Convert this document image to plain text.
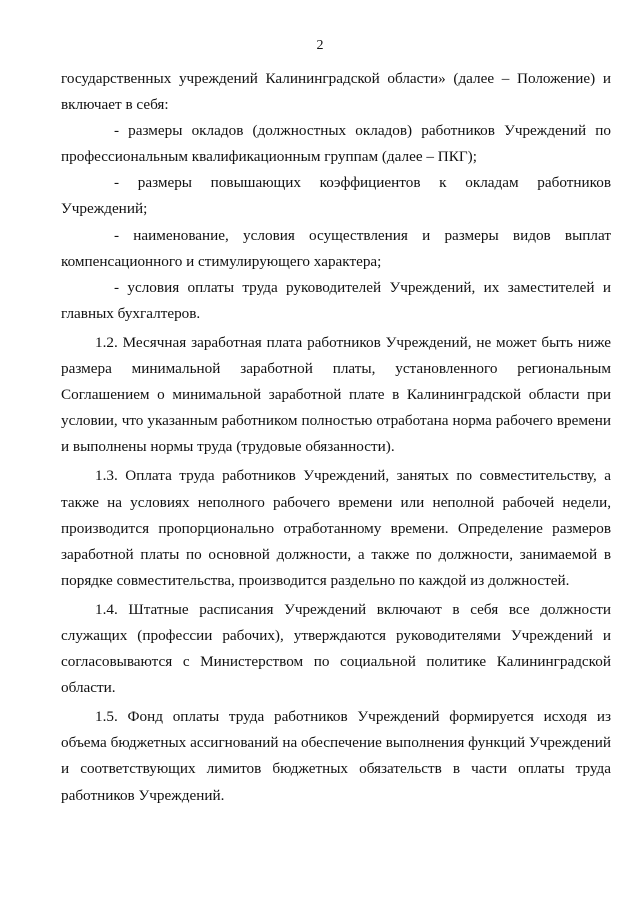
2

государственных учреждений Калининградской области» (далее – Положение) и включает в себя:

- размеры окладов (должностных окладов) работников Учреждений по профессиональным квалификационным группам (далее – ПКГ);

- размеры повышающих коэффициентов к окладам работников Учреждений;

- наименование, условия осуществления и размеры видов выплат компенсационного и стимулирующего характера;

- условия оплаты труда руководителей Учреждений, их заместителей и главных бухгалтеров.

1.2. Месячная заработная плата работников Учреждений, не может быть ниже размера минимальной заработной платы, установленного региональным Соглашением о минимальной заработной плате в Калининградской области при условии, что указанным работником полностью отработана норма рабочего времени и выполнены нормы труда (трудовые обязанности).

1.3. Оплата труда работников Учреждений, занятых по совместительству, а также на условиях неполного рабочего времени или неполной рабочей недели, производится пропорционально отработанному времени. Определение размеров заработной платы по основной должности, а также по должности, занимаемой в порядке совместительства, производится раздельно по каждой из должностей.

1.4. Штатные расписания Учреждений включают в себя все должности служащих (профессии рабочих), утверждаются руководителями Учреждений и согласовываются с Министерством по социальной политике Калининградской области.

1.5. Фонд оплаты труда работников Учреждений формируется исходя из объема бюджетных ассигнований на обеспечение выполнения функций Учреждений и соответствующих лимитов бюджетных обязательств в части оплаты труда работников Учреждений.
